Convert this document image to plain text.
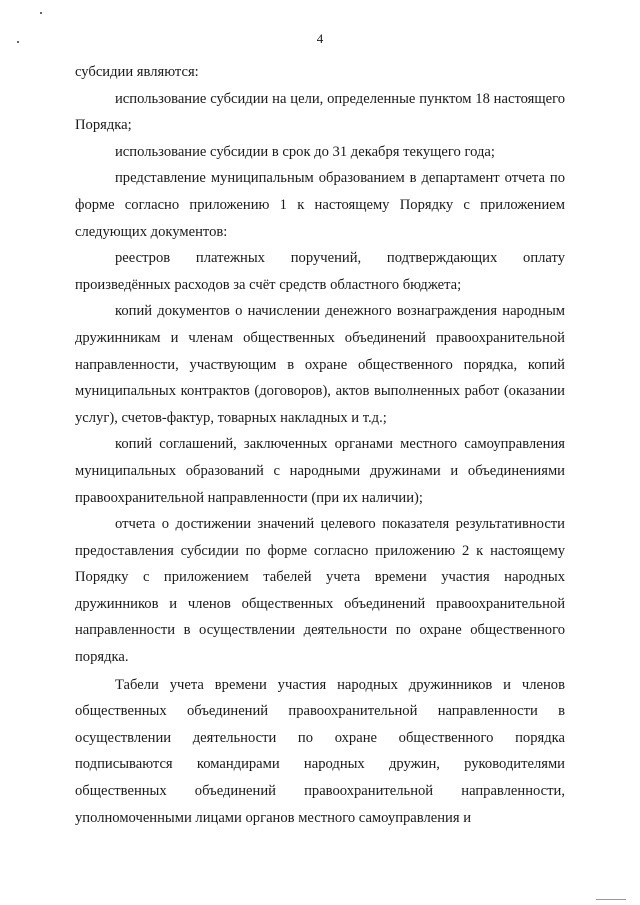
4

субсидии являются:

использование субсидии на цели, определенные пунктом 18 настоящего Порядка;

использование субсидии в срок до 31 декабря текущего года;

представление муниципальным образованием в департамент отчета по форме согласно приложению 1 к настоящему Порядку с приложением следующих документов:

реестров платежных поручений, подтверждающих оплату произведённых расходов за счёт средств областного бюджета;

копий документов о начислении денежного вознаграждения народным дружинникам и членам общественных объединений правоохранительной направленности, участвующим в охране общественного порядка, копий муниципальных контрактов (договоров), актов выполненных работ (оказании услуг), счетов-фактур, товарных накладных и т.д.;

копий соглашений, заключенных органами местного самоуправления муниципальных образований с народными дружинами и объединениями правоохранительной направленности (при их наличии);

отчета о достижении значений целевого показателя результативности предоставления субсидии по форме согласно приложению 2 к настоящему Порядку с приложением табелей учета времени участия народных дружинников и членов общественных объединений правоохранительной направленности в осуществлении деятельности по охране общественного порядка.

Табели учета времени участия народных дружинников и членов общественных объединений правоохранительной направленности в осуществлении деятельности по охране общественного порядка подписываются командирами народных дружин, руководителями общественных объединений правоохранительной направленности, уполномоченными лицами органов местного самоуправления и
